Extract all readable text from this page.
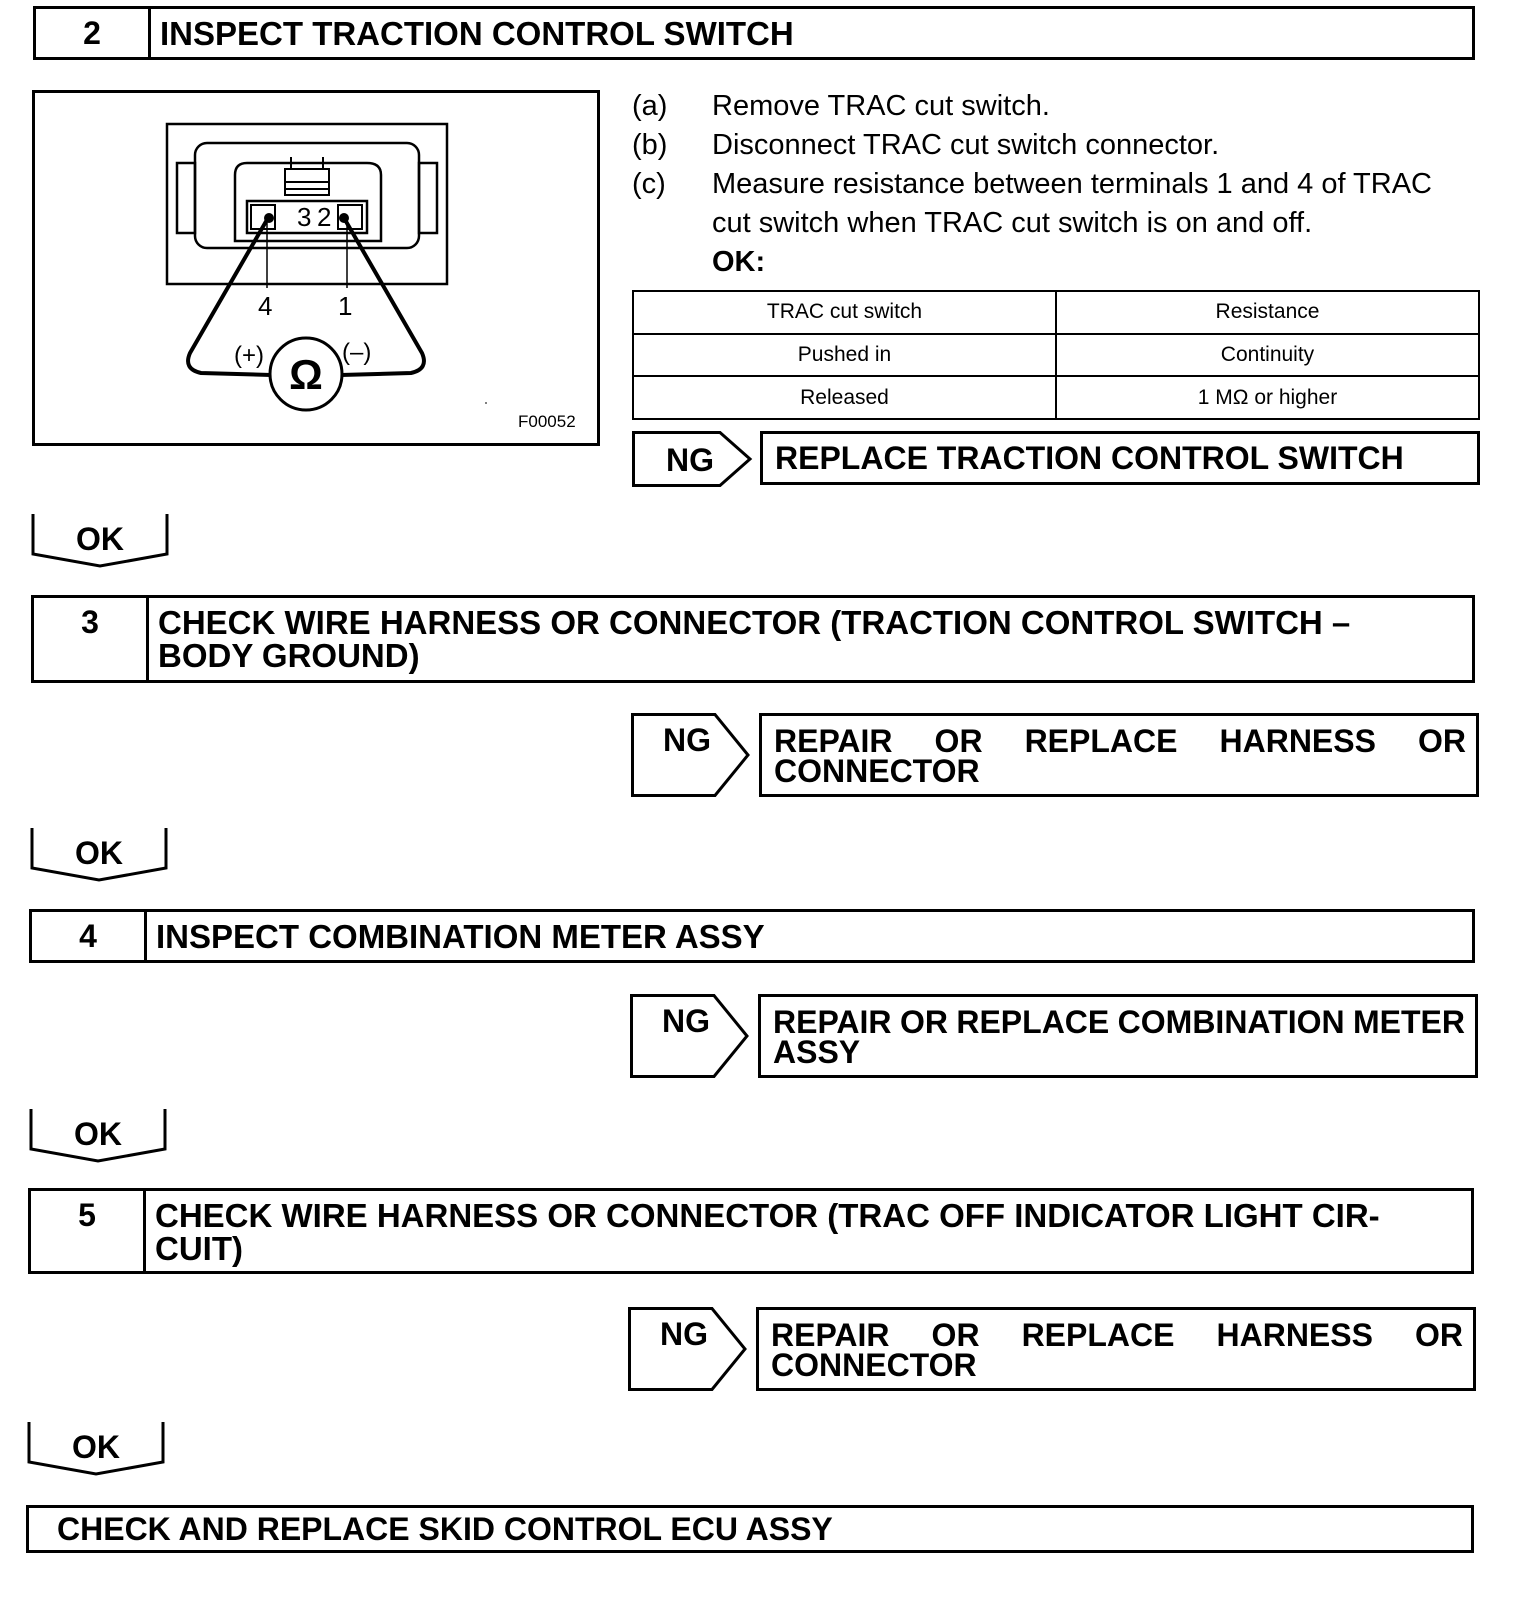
2	INSPECT TRACTION CONTROL SWITCH
3 2
4	1
Ω
(+)	(–)
F00052
(a) Remove TRAC cut switch.
(b) Disconnect TRAC cut switch connector.
(c) Measure resistance between terminals 1 and 4 of TRAC
cut switch when TRAC cut switch is on and off.
OK:
TRAC cut switch	Resistance
Pushed in	Continuity
Released	1 MΩ or higher
NG REPLACE TRACTION CONTROL SWITCH
OK
3	CHECK WIRE HARNESS OR CONNECTOR (TRACTION CONTROL SWITCH –
BODY GROUND)
NG REPAIR OR REPLACE HARNESS OR
CONNECTOR
OK
4	INSPECT COMBINATION METER ASSY
NG REPAIR OR REPLACE COMBINATION METER
ASSY
OK
5	CHECK WIRE HARNESS OR CONNECTOR (TRAC OFF INDICATOR LIGHT CIR-
CUIT)
NG REPAIR OR REPLACE HARNESS OR
CONNECTOR
OK
CHECK AND REPLACE SKID CONTROL ECU ASSY
